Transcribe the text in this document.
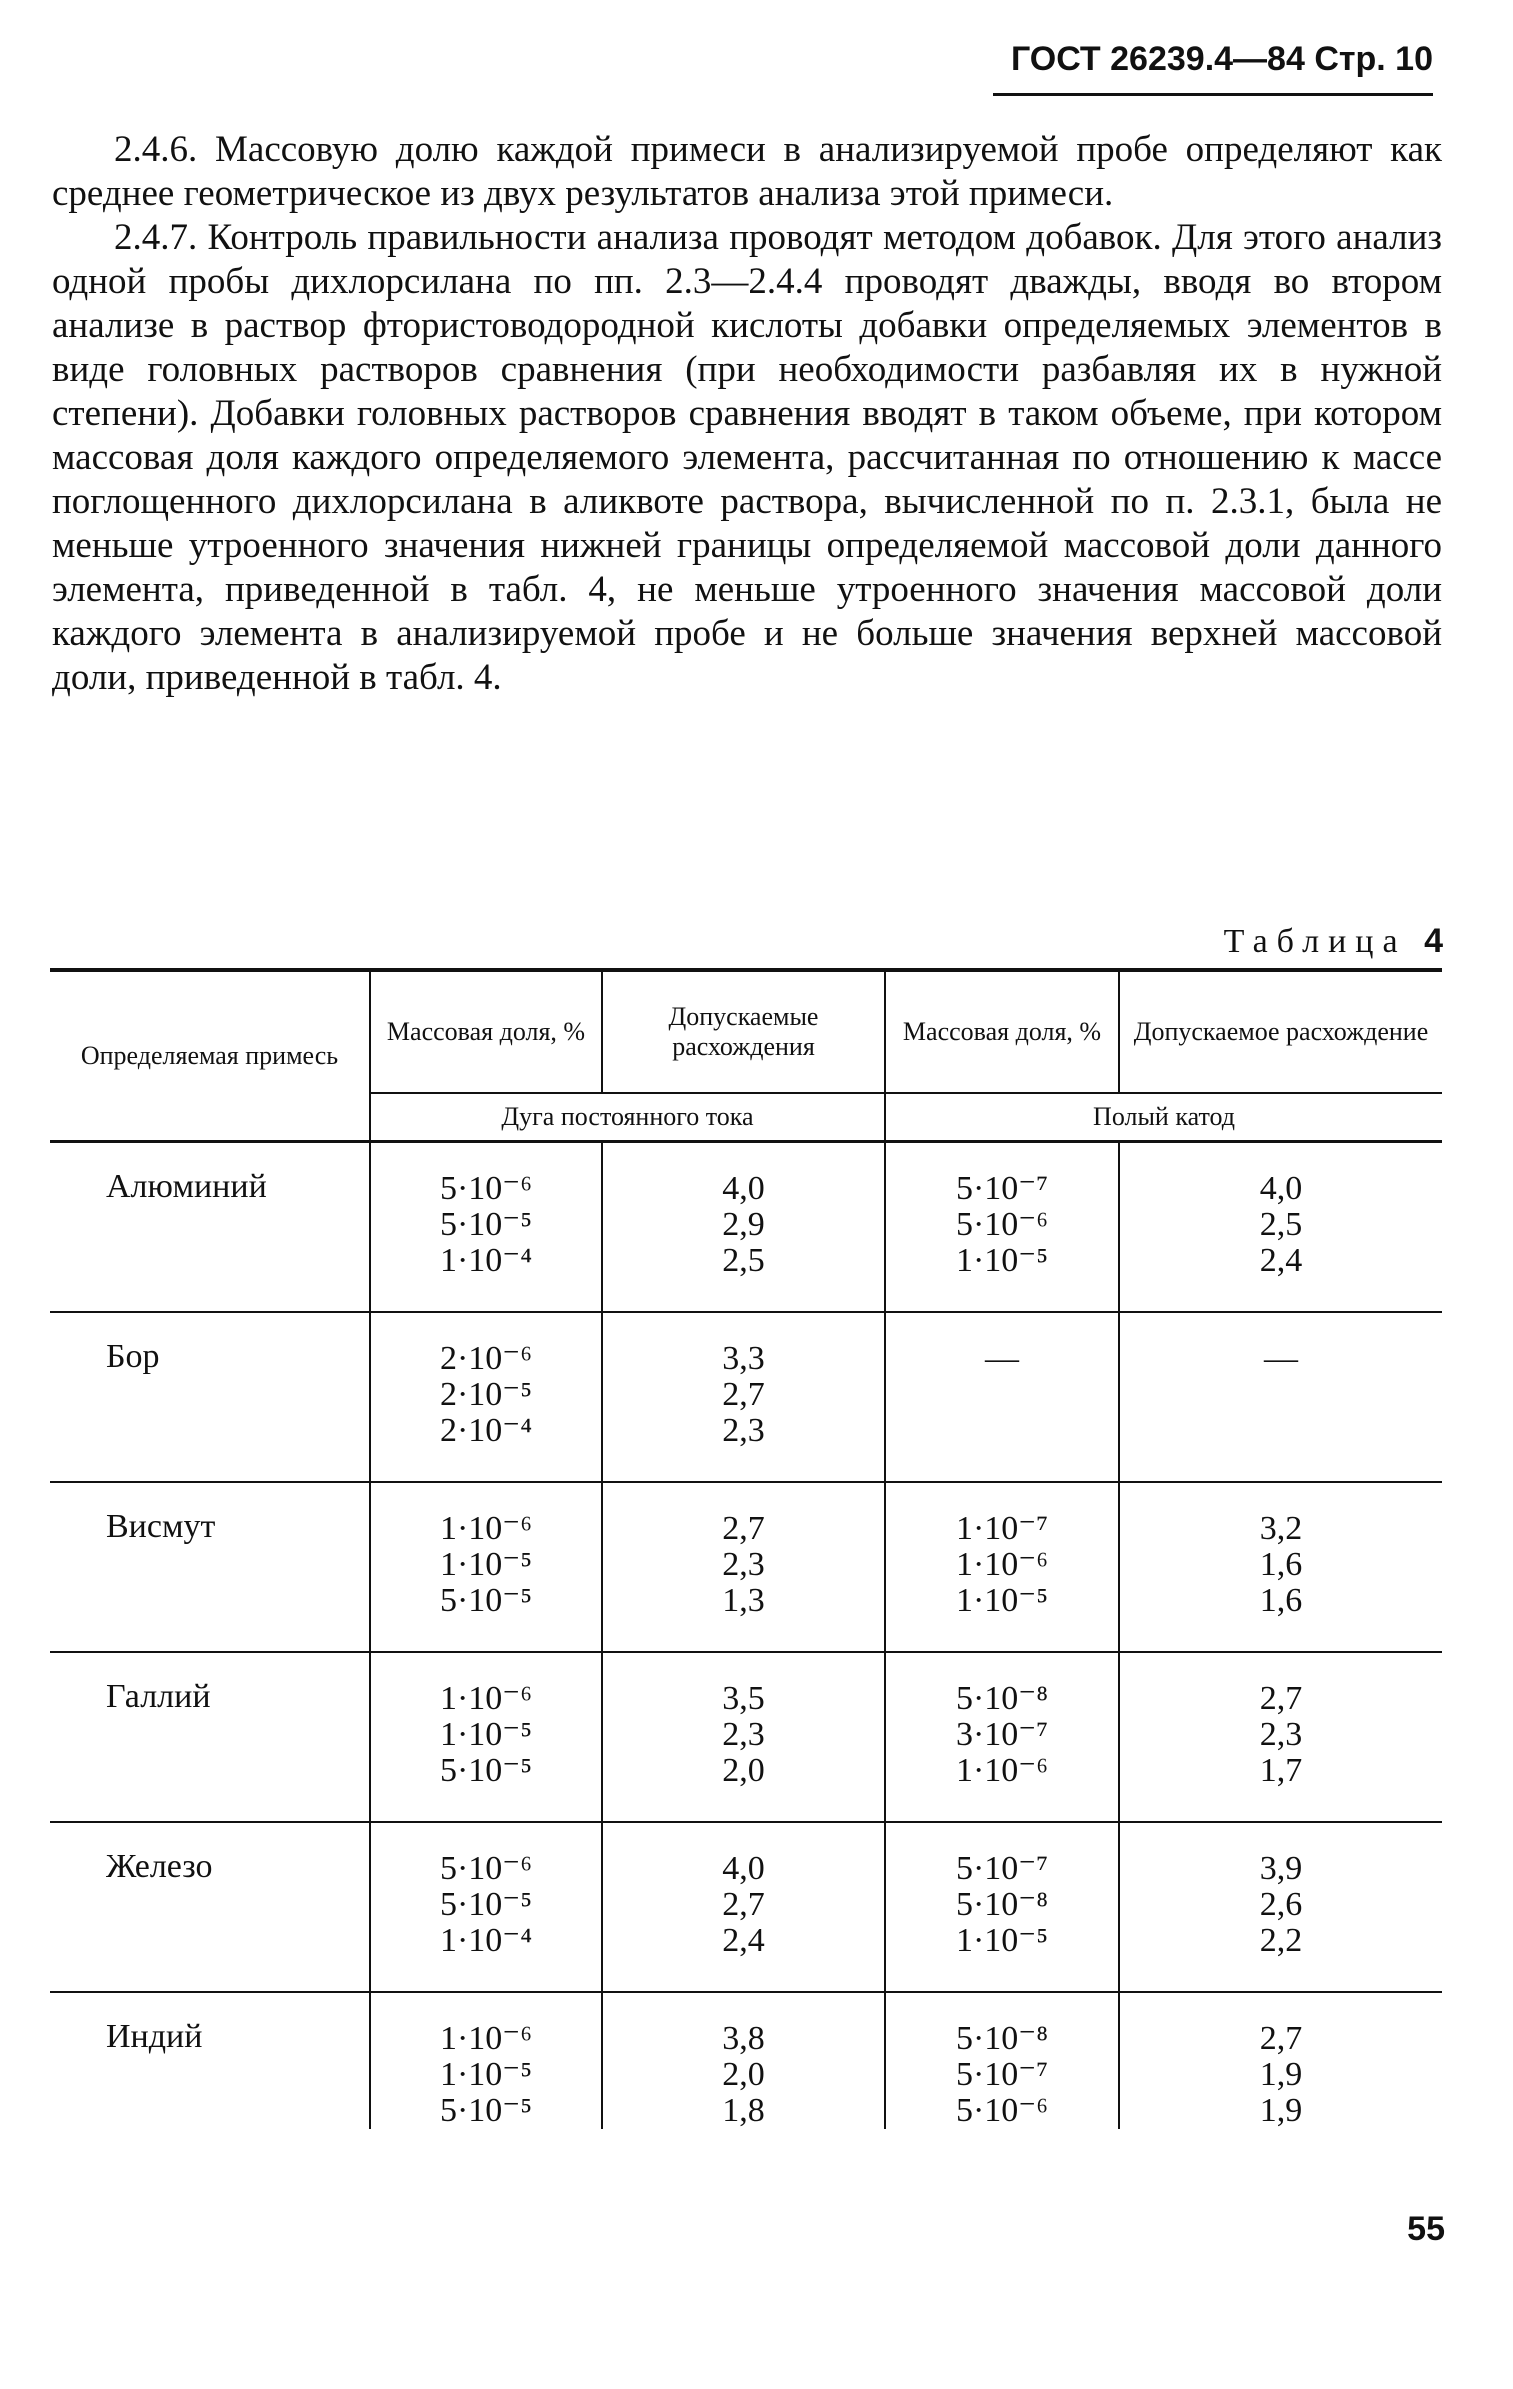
ГОСТ 26239.4—84 Стр. 10

2.4.6. Массовую долю каждой примеси в анализируемой пробе определяют как среднее геометрическое из двух результатов анализа этой примеси.

2.4.7. Контроль правильности анализа проводят методом добавок. Для этого анализ одной пробы дихлорсилана по пп. 2.3—2.4.4 проводят дважды, вводя во втором анализе в раствор фтористоводородной кислоты добавки определяемых элементов в виде головных растворов сравнения (при необходимости разбавляя их в нужной степени). Добавки головных растворов сравнения вводят в таком объеме, при котором массовая доля каждого определяемого элемента, рассчитанная по отношению к массе поглощенного дихлорсилана в аликвоте раствора, вычисленной по п. 2.3.1, была не меньше утроенного значения нижней границы определяемой массовой доли данного элемента, приведенной в табл. 4, не меньше утроенного значения массовой доли каждого элемента в анализируемой пробе и не больше значения верхней массовой доли, приведенной в табл. 4.

Таблица 4
Определяемая примесь	Массовая доля, %	Допускаемые расхождения	Массовая доля, %	Допускаемое расхождение
	Дуга постоянного тока		Полый катод	
Алюминий	5·10⁻⁶
5·10⁻⁵
1·10⁻⁴	4,0
2,9
2,5	5·10⁻⁷
5·10⁻⁶
1·10⁻⁵	4,0
2,5
2,4

Бор	2·10⁻⁶
2·10⁻⁵
2·10⁻⁴	3,3
2,7
2,3	—	—

Висмут	1·10⁻⁶
1·10⁻⁵
5·10⁻⁵	2,7
2,3
1,3	1·10⁻⁷
1·10⁻⁶
1·10⁻⁵	3,2
1,6
1,6

Галлий	1·10⁻⁶
1·10⁻⁵
5·10⁻⁵	3,5
2,3
2,0	5·10⁻⁸
3·10⁻⁷
1·10⁻⁶	2,7
2,3
1,7

Железо	5·10⁻⁶
5·10⁻⁵
1·10⁻⁴	4,0
2,7
2,4	5·10⁻⁷
5·10⁻⁸
1·10⁻⁵	3,9
2,6
2,2

Индий	1·10⁻⁶
1·10⁻⁵
5·10⁻⁵	3,8
2,0
1,8	5·10⁻⁸
5·10⁻⁷
5·10⁻⁶	2,7
1,9
1,9
55
